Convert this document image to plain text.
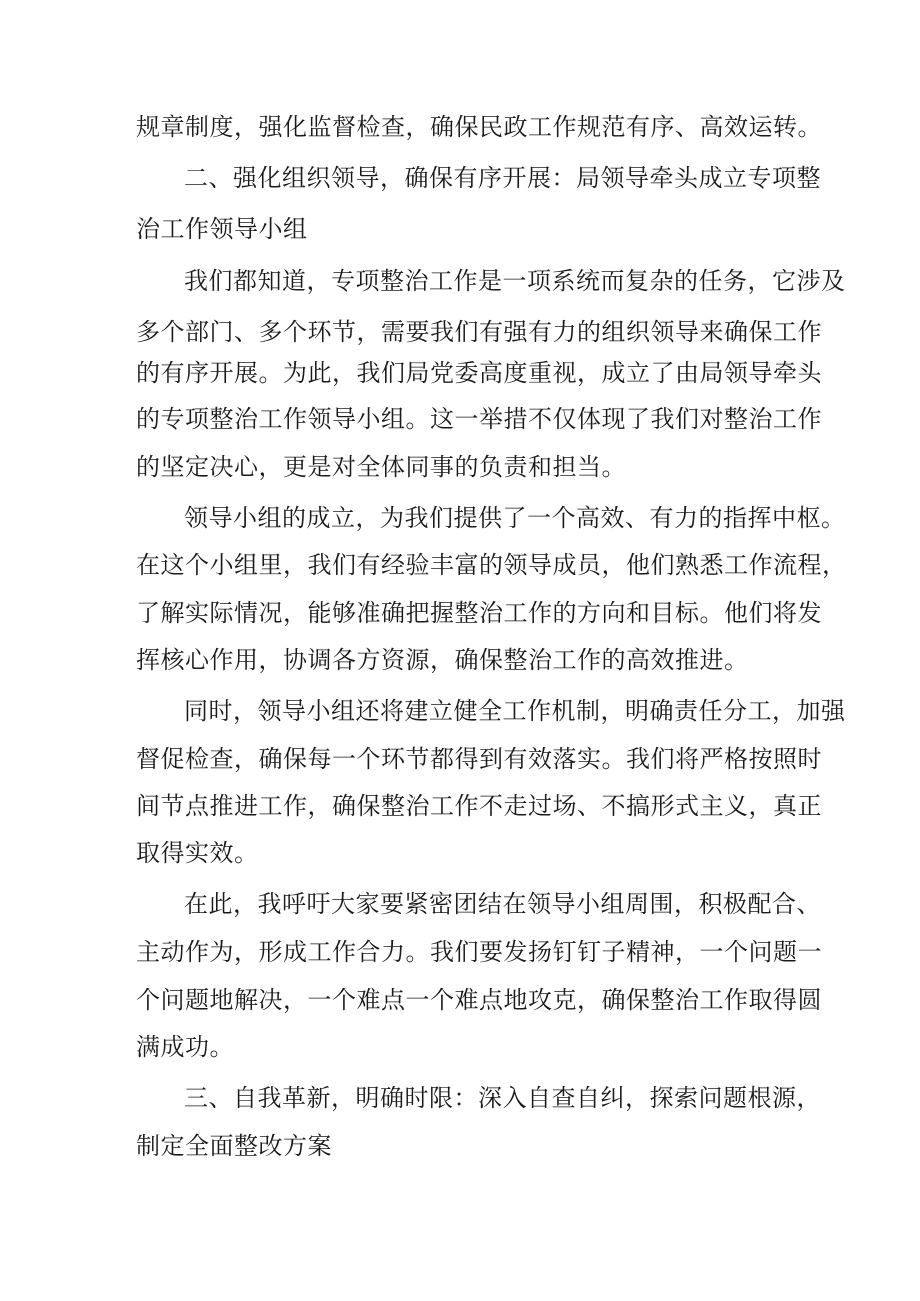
规章制度，强化监督检查，确保民政工作规范有序、高效运转。

二、强化组织领导，确保有序开展：局领导牵头成立专项整

治工作领导小组

我们都知道，专项整治工作是一项系统而复杂的任务，它涉及

多个部门、多个环节，需要我们有强有力的组织领导来确保工作

的有序开展。为此，我们局党委高度重视，成立了由局领导牵头

的专项整治工作领导小组。这一举措不仅体现了我们对整治工作

的坚定决心，更是对全体同事的负责和担当。

领导小组的成立，为我们提供了一个高效、有力的指挥中枢。

在这个小组里，我们有经验丰富的领导成员，他们熟悉工作流程，

了解实际情况，能够准确把握整治工作的方向和目标。他们将发

挥核心作用，协调各方资源，确保整治工作的高效推进。

同时，领导小组还将建立健全工作机制，明确责任分工，加强

督促检查，确保每一个环节都得到有效落实。我们将严格按照时

间节点推进工作，确保整治工作不走过场、不搞形式主义，真正

取得实效。

在此，我呼吁大家要紧密团结在领导小组周围，积极配合、

主动作为，形成工作合力。我们要发扬钉钉子精神，一个问题一

个问题地解决，一个难点一个难点地攻克，确保整治工作取得圆

满成功。

三、自我革新，明确时限：深入自查自纠，探索问题根源，

制定全面整改方案
